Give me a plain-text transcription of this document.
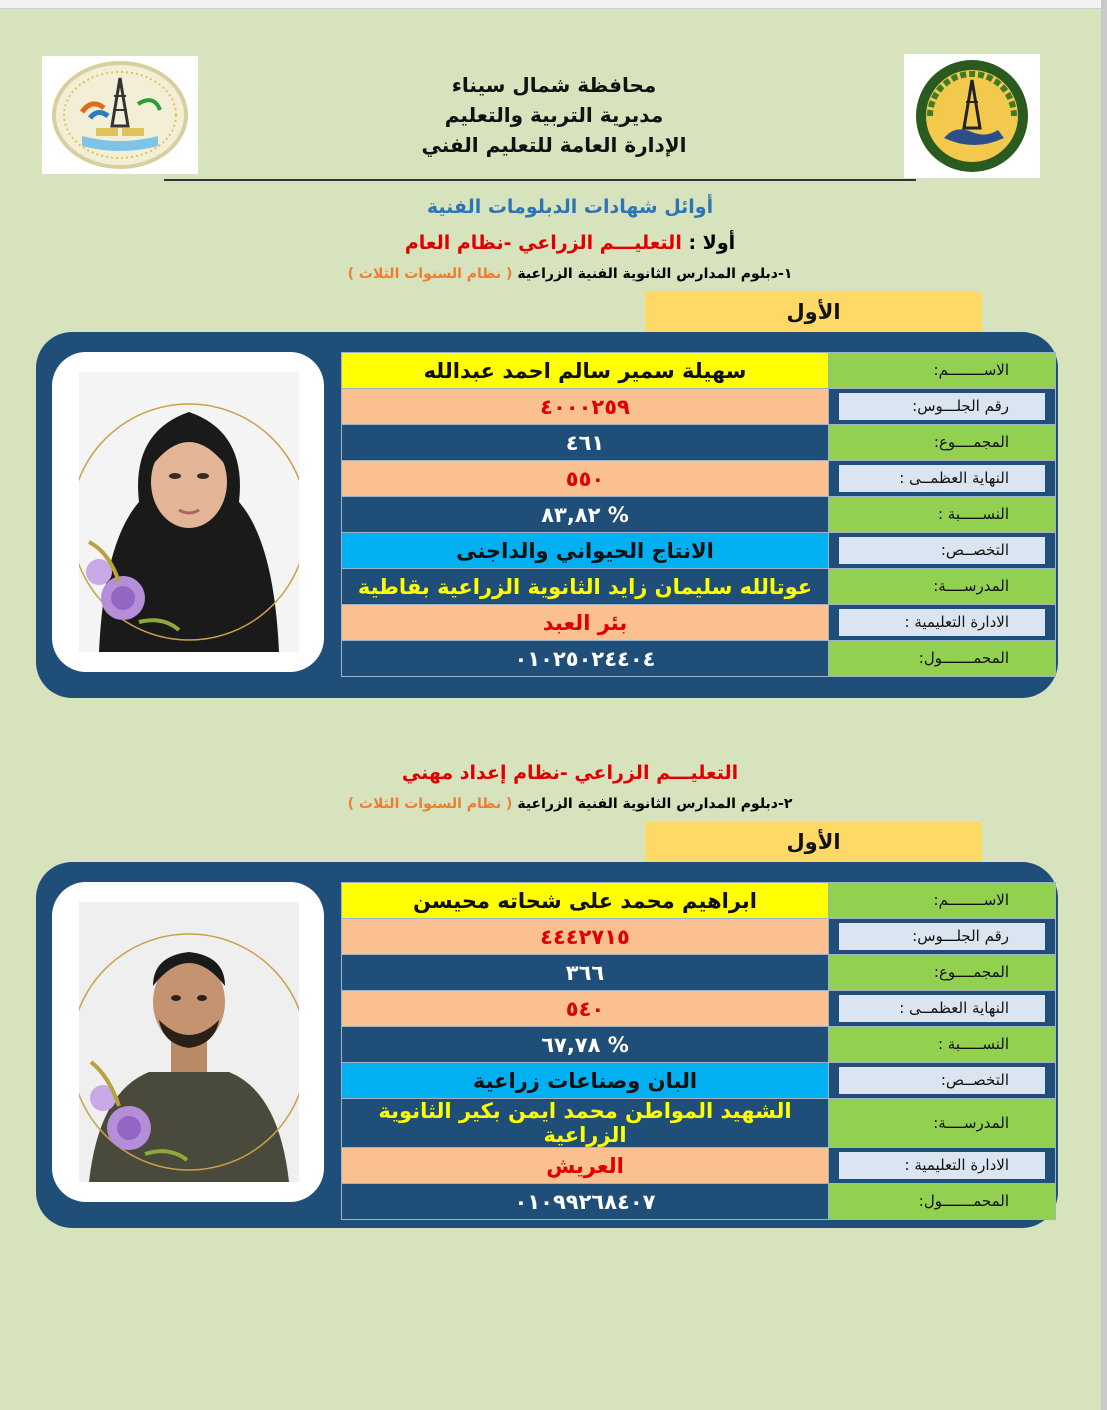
محافظة شمال سيناء
مديرية التربية والتعليم
الإدارة العامة للتعليم الفني
أوائل شهادات الدبلومات الفنية
أولا : التعليـــم الزراعي -نظام العام
١-دبلوم المدارس الثانوية الفنية الزراعية ( نظام السنوات الثلاث )
الأول
سهيلة سمير سالم احمد عبدالله	الاســــــــم:

٤٠٠٠٢٥٩	رقم الجلـــوس:

٤٦١	المجمــــوع:

٥٥٠	النهاية العظمــى :

% ٨٣,٨٢	النســـــبة :

الانتاج الحيواني والداجنى	التخصــص:

عوتالله سليمان زايد الثانوية الزراعية بقاطية	المدرســــة:

بئر العبد	الادارة التعليمية :

٠١٠٢٥٠٢٤٤٠٤	المحمـــــــول:
التعليـــم الزراعي -نظام إعداد مهني
٢-دبلوم المدارس الثانوية الفنية الزراعية ( نظام السنوات الثلاث )
الأول
ابراهيم محمد على شحاته محيسن	الاســــــــم:

٤٤٤٢٧١٥	رقم الجلـــوس:

٣٦٦	المجمــــوع:

٥٤٠	النهاية العظمــى :

% ٦٧,٧٨	النســـــبة :

البان وصناعات زراعية	التخصــص:

الشهيد المواطن محمد ايمن بكير الثانوية الزراعية	المدرســــة:

العريش	الادارة التعليمية :

٠١٠٩٩٢٦٨٤٠٧	المحمـــــــول:
